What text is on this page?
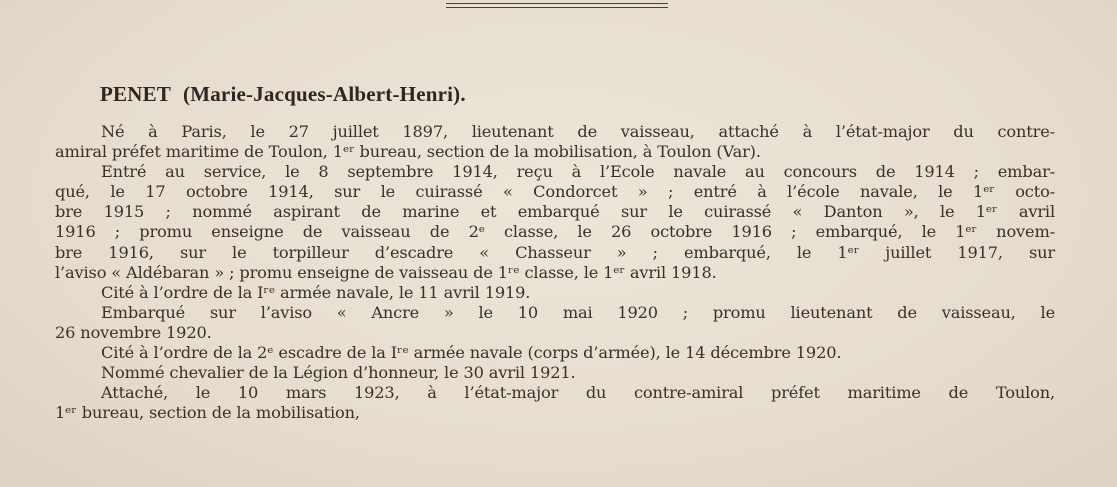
PENET (Marie-Jacques-Albert-Henri).
Né à Paris, le 27 juillet 1897, lieutenant de vaisseau, attaché à l’état-major du contre-
amiral préfet maritime de Toulon, 1ᵉʳ bureau, section de la mobilisation, à Toulon (Var).
Entré au service, le 8 septembre 1914, reçu à l’Ecole navale au concours de 1914 ; embar-
qué, le 17 octobre 1914, sur le cuirassé « Condorcet » ; entré à l’école navale, le 1ᵉʳ octo-
bre 1915 ; nommé aspirant de marine et embarqué sur le cuirassé « Danton », le 1ᵉʳ avril
1916 ; promu enseigne de vaisseau de 2ᵉ classe, le 26 octobre 1916 ; embarqué, le 1ᵉʳ novem-
bre 1916, sur le torpilleur d’escadre « Chasseur » ; embarqué, le 1ᵉʳ juillet 1917, sur
l’aviso « Aldébaran » ; promu enseigne de vaisseau de 1ʳᵉ classe, le 1ᵉʳ avril 1918.
Cité à l’ordre de la Iʳᵉ armée navale, le 11 avril 1919.
Embarqué sur l’aviso « Ancre » le 10 mai 1920 ; promu lieutenant de vaisseau, le
26 novembre 1920.
Cité à l’ordre de la 2ᵉ escadre de la Iʳᵉ armée navale (corps d’armée), le 14 décembre 1920.
Nommé chevalier de la Légion d’honneur, le 30 avril 1921.
Attaché, le 10 mars 1923, à l’état-major du contre-amiral préfet maritime de Toulon,
1ᵉʳ bureau, section de la mobilisation,
